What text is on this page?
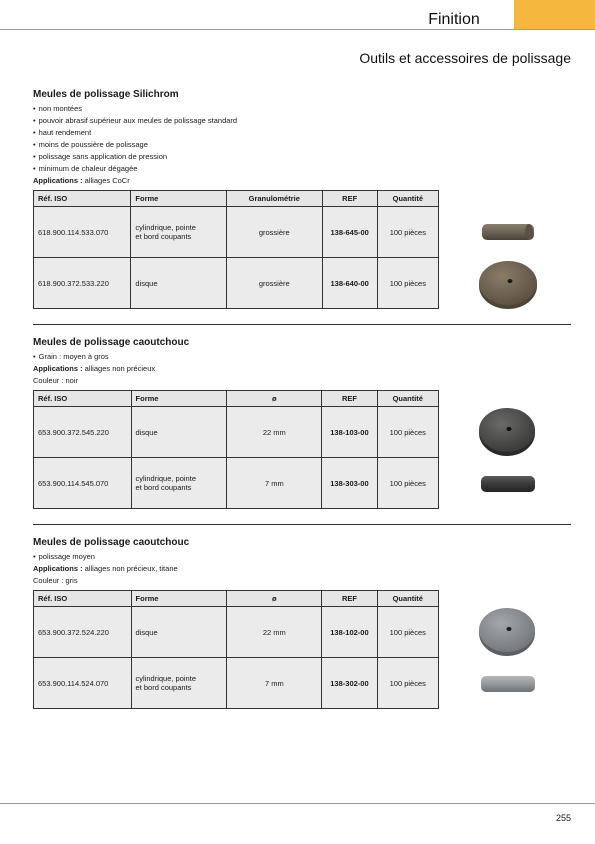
Finition
Outils et accessoires de polissage
Meules de polissage Silichrom
• non montées
• pouvoir abrasif supérieur aux meules de polissage standard
• haut rendement
• moins de poussière de polissage
• polissage sans application de pression
• minimum de chaleur dégagée
Applications : alliages CoCr
Réf. ISO	Forme	Granulométrie	REF	Quantité
618.900.114.533.070	cylindrique, pointe
et bord coupants	grossière	138-645-00	100 pièces
618.900.372.533.220	disque	grossière	138-640-00	100 pièces
Meules de polissage caoutchouc
• Grain : moyen à gros
Applications : alliages non précieux
Couleur : noir
Réf. ISO	Forme	ø	REF	Quantité
653.900.372.545.220	disque	22 mm	138-103-00	100 pièces
653.900.114.545.070	cylindrique, pointe
et bord coupants	7 mm	138-303-00	100 pièces
Meules de polissage caoutchouc
• polissage moyen
Applications : alliages non précieux, titane
Couleur : gris
Réf. ISO	Forme	ø	REF	Quantité
653.900.372.524.220	disque	22 mm	138-102-00	100 pièces
653.900.114.524.070	cylindrique, pointe
et bord coupants	7 mm	138-302-00	100 pièces
255
